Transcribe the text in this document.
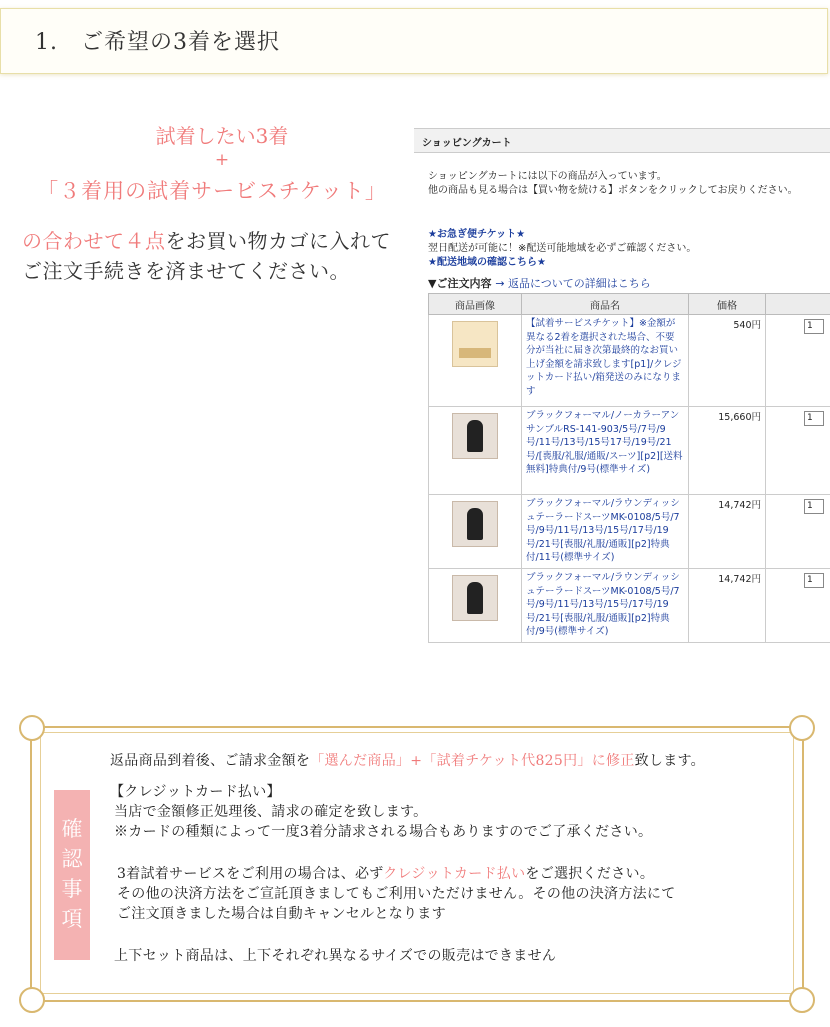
1.　ご希望の3着を選択
試着したい3着
+
「３着用の試着サービスチケット」
の合わせて４点をお買い物カゴに入れて
ご注文手続きを済ませてください。
ショッピングカート
ショッピングカートには以下の商品が入っています。
他の商品も見る場合は【買い物を続ける】ボタンをクリックしてお戻りください。
★お急ぎ便チケット★
翌日配送が可能に！※配送可能地域を必ずご確認ください。
★配送地域の確認こちら★
▼ご注文内容 → 返品についての詳細はこちら
商品画像	商品名	価格	
	【試着サービスチケット】※金額が異なる2着を選択された場合、不要分が当社に届き次第最終的なお買い上げ金額を請求致します[p1]/クレジットカード払い/箱発送のみになります	540円	1
	ブラックフォーマル/ノーカラーアンサンブルRS-141-903/5号/7号/9号/11号/13号/15号17号/19号/21号/[喪服/礼服/通販/スーツ][p2][送料無料]特典付/9号(標準サイズ)	15,660円	1
	ブラックフォーマル/ラウンディッシュテーラードスーツMK-0108/5号/7号/9号/11号/13号/15号/17号/19号/21号[喪服/礼服/通販][p2]特典付/11号(標準サイズ)	14,742円	1
	ブラックフォーマル/ラウンディッシュテーラードスーツMK-0108/5号/7号/9号/11号/13号/15号/17号/19号/21号[喪服/礼服/通販][p2]特典付/9号(標準サイズ)	14,742円	1
確認事項
返品商品到着後、ご請求金額を「選んだ商品」+「試着チケット代825円」に修正致します。
【クレジットカード払い】
当店で金額修正処理後、請求の確定を致します。
※カードの種類によって一度3着分請求される場合もありますのでご了承ください。
3着試着サービスをご利用の場合は、必ずクレジットカード払いをご選択ください。
その他の決済方法をご宣託頂きましてもご利用いただけません。その他の決済方法にて
ご注文頂きました場合は自動キャンセルとなります
上下セット商品は、上下それぞれ異なるサイズでの販売はできません
